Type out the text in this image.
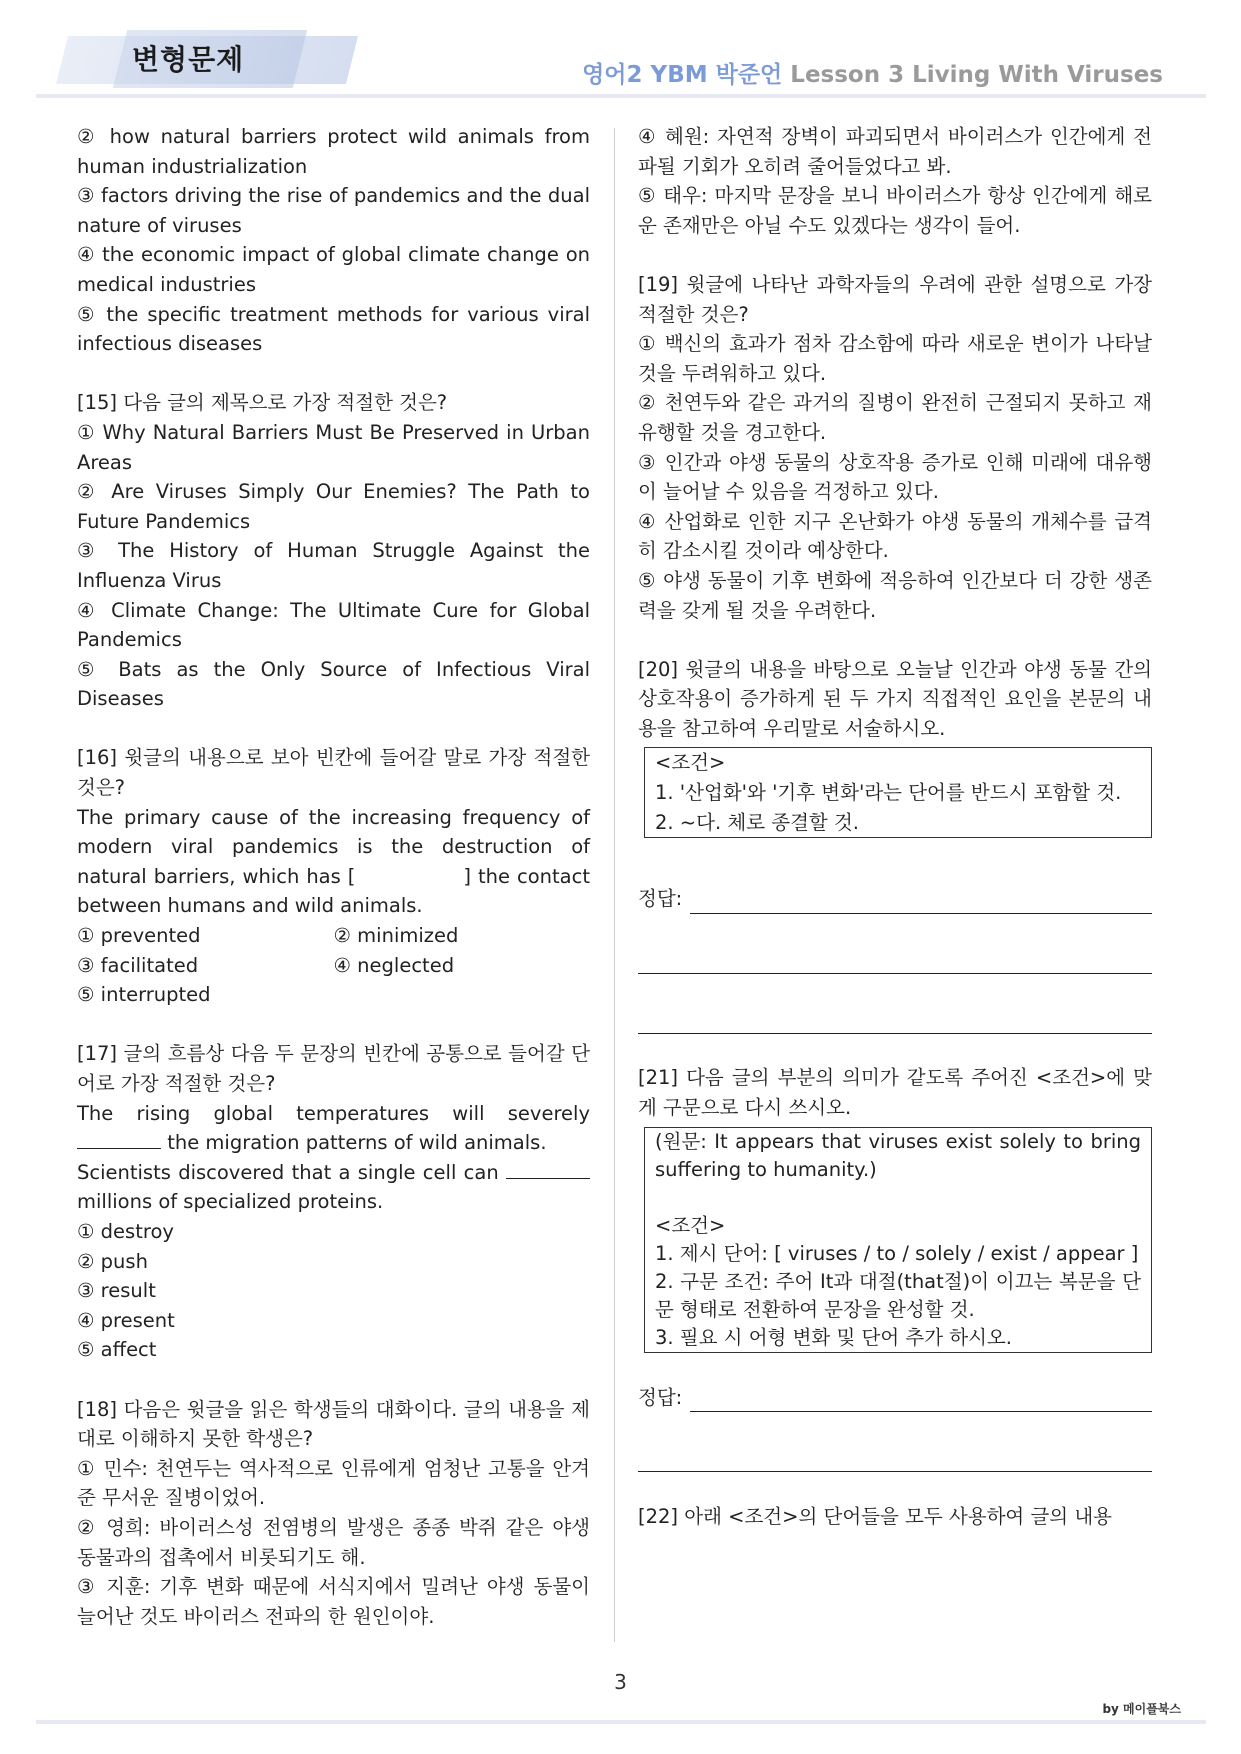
변형문제	영어2 YBM 박준언 Lesson 3 Living With Viruses

② how natural barriers protect wild animals from human industrialization

③ factors driving the rise of pandemics and the dual nature of viruses

④ the economic impact of global climate change on medical industries

⑤ the specific treatment methods for various viral infectious diseases

[15] 다음 글의 제목으로 가장 적절한 것은?

① Why Natural Barriers Must Be Preserved in Urban Areas

② Are Viruses Simply Our Enemies? The Path to Future Pandemics

③ The History of Human Struggle Against the Influenza Virus

④ Climate Change: The Ultimate Cure for Global Pandemics

⑤ Bats as the Only Source of Infectious Viral Diseases

[16] 윗글의 내용으로 보아 빈칸에 들어갈 말로 가장 적절한 것은?

The primary cause of the increasing frequency of modern viral pandemics is the destruction of natural barriers, which has [	] the contact between humans and wild animals.

① prevented	② minimized
③ facilitated	④ neglected

⑤ interrupted

[17] 글의 흐름상 다음 두 문장의 빈칸에 공통으로 들어갈 단어로 가장 적절한 것은?

The rising global temperatures will severely  the migration patterns of wild animals.

Scientists discovered that a single cell can  millions of specialized proteins.

① destroy

② push

③ result

④ present

⑤ affect

[18] 다음은 윗글을 읽은 학생들의 대화이다. 글의 내용을 제대로 이해하지 못한 학생은?

① 민수: 천연두는 역사적으로 인류에게 엄청난 고통을 안겨준 무서운 질병이었어.

② 영희: 바이러스성 전염병의 발생은 종종 박쥐 같은 야생 동물과의 접촉에서 비롯되기도 해.

③ 지훈: 기후 변화 때문에 서식지에서 밀려난 야생 동물이 늘어난 것도 바이러스 전파의 한 원인이야.

④ 혜원: 자연적 장벽이 파괴되면서 바이러스가 인간에게 전파될 기회가 오히려 줄어들었다고 봐.

⑤ 태우: 마지막 문장을 보니 바이러스가 항상 인간에게 해로운 존재만은 아닐 수도 있겠다는 생각이 들어.

[19] 윗글에 나타난 과학자들의 우려에 관한 설명으로 가장 적절한 것은?

① 백신의 효과가 점차 감소함에 따라 새로운 변이가 나타날 것을 두려워하고 있다.

② 천연두와 같은 과거의 질병이 완전히 근절되지 못하고 재유행할 것을 경고한다.

③ 인간과 야생 동물의 상호작용 증가로 인해 미래에 대유행이 늘어날 수 있음을 걱정하고 있다.

④ 산업화로 인한 지구 온난화가 야생 동물의 개체수를 급격히 감소시킬 것이라 예상한다.

⑤ 야생 동물이 기후 변화에 적응하여 인간보다 더 강한 생존력을 갖게 될 것을 우려한다.

[20] 윗글의 내용을 바탕으로 오늘날 인간과 야생 동물 간의 상호작용이 증가하게 된 두 가지 직접적인 요인을 본문의 내용을 참고하여 우리말로 서술하시오.

<조건>

1. '산업화'와 '기후 변화'라는 단어를 반드시 포함할 것.

2. ~다. 체로 종결할 것.

정답:

[21] 다음 글의 부분의 의미가 같도록 주어진 <조건>에 맞게 구문으로 다시 쓰시오.

(원문: It appears that viruses exist solely to bring suffering to humanity.)

<조건>

1. 제시 단어: [ viruses / to / solely / exist / appear ]

2. 구문 조건: 주어 It과 대절(that절)이 이끄는 복문을 단문 형태로 전환하여 문장을 완성할 것.

3. 필요 시 어형 변화 및 단어 추가 하시오.

정답:

[22] 아래 <조건>의 단어들을 모두 사용하여 글의 내용

3
by 메이플북스
